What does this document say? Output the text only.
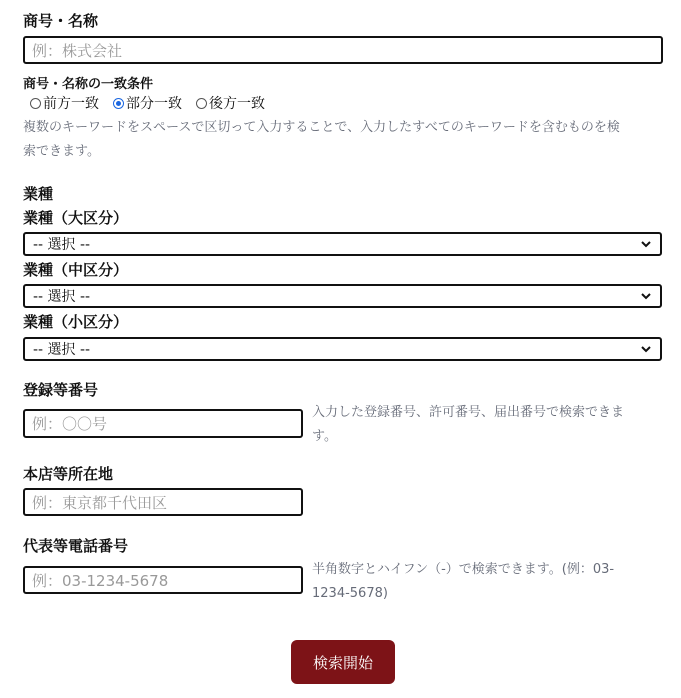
商号・名称
例：株式会社
商号・名称の一致条件
前方一致 部分一致 後方一致
複数のキーワードをスペースで区切って入力することで、入力したすべてのキーワードを含むものを検
索できます。
業種
業種（大区分）
-- 選択 --
業種（中区分）
-- 選択 --
業種（小区分）
-- 選択 --
登録等番号
例：〇〇号
入力した登録番号、許可番号、届出番号で検索できま
す。
本店等所在地
例：東京都千代田区
代表等電話番号
例：03-1234-5678
半角数字とハイフン（-）で検索できます。(例：03-
1234-5678)
検索開始
